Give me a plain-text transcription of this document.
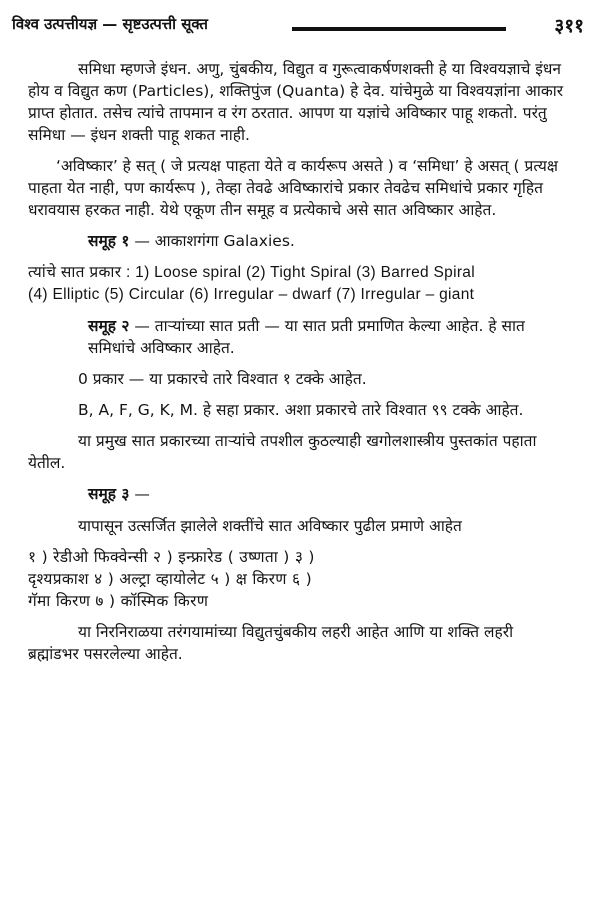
विश्व उत्पत्तीयज्ञ — सृष्टउत्पत्ती सूक्त	३११

समिधा म्हणजे इंधन. अणु, चुंबकीय, विद्युत व गुरूत्वाकर्षणशक्ती हे या विश्वयज्ञाचे इंधन होय व विद्युत कण (Particles), शक्तिपुंज (Quanta) हे देव. यांचेमुळे या विश्वयज्ञांना आकार प्राप्त होतात. तसेच त्यांचे तापमान व रंग ठरतात. आपण या यज्ञांचे अविष्कार पाहू शकतो. परंतु समिधा — इंधन शक्ती पाहू शकत नाही.

‘अविष्कार’ हे सत् ( जे प्रत्यक्ष पाहता येते व कार्यरूप असते ) व ‘समिधा’ हे असत् ( प्रत्यक्ष पाहता येत नाही, पण कार्यरूप ), तेव्हा तेवढे अविष्कारांचे प्रकार तेवढेच समिधांचे प्रकार गृहित धरावयास हरकत नाही. येथे एकूण तीन समूह व प्रत्येकाचे असे सात अविष्कार आहेत.

समूह १ — आकाशगंगा Galaxies.
त्यांचे सात प्रकार : 1) Loose spiral (2) Tight Spiral (3) Barred Spiral
(4) Elliptic (5) Circular (6) Irregular – dwarf (7) Irregular – giant

समूह २ — तार्‍यांच्या सात प्रती — या सात प्रती प्रमाणित केल्या आहेत. हे सात समिधांचे अविष्कार आहेत.

0 प्रकार — या प्रकारचे तारे विश्वात १ टक्के आहेत.

B, A, F, G, K, M. हे सहा प्रकार. अशा प्रकारचे तारे विश्वात ९९ टक्के आहेत.

या प्रमुख सात प्रकारच्या तार्‍यांचे तपशील कुठल्याही खगोलशास्त्रीय पुस्तकांत पहाता येतील.

समूह ३ —

यापासून उत्सर्जित झालेले शक्तींचे सात अविष्कार पुढील प्रमाणे आहेत

१ ) रेडीओ फिक्वेन्सी २ ) इन्फ्रारेड ( उष्णता ) ३ )
दृश्यप्रकाश ४ ) अल्ट्रा व्हायोलेट ५ ) क्ष किरण ६ )
गॅमा किरण ७ ) कॉस्मिक किरण

या निरनिराळया तरंगयामांच्या विद्युतचुंबकीय लहरी आहेत आणि या शक्ति लहरी ब्रह्मांडभर पसरलेल्या आहेत.
